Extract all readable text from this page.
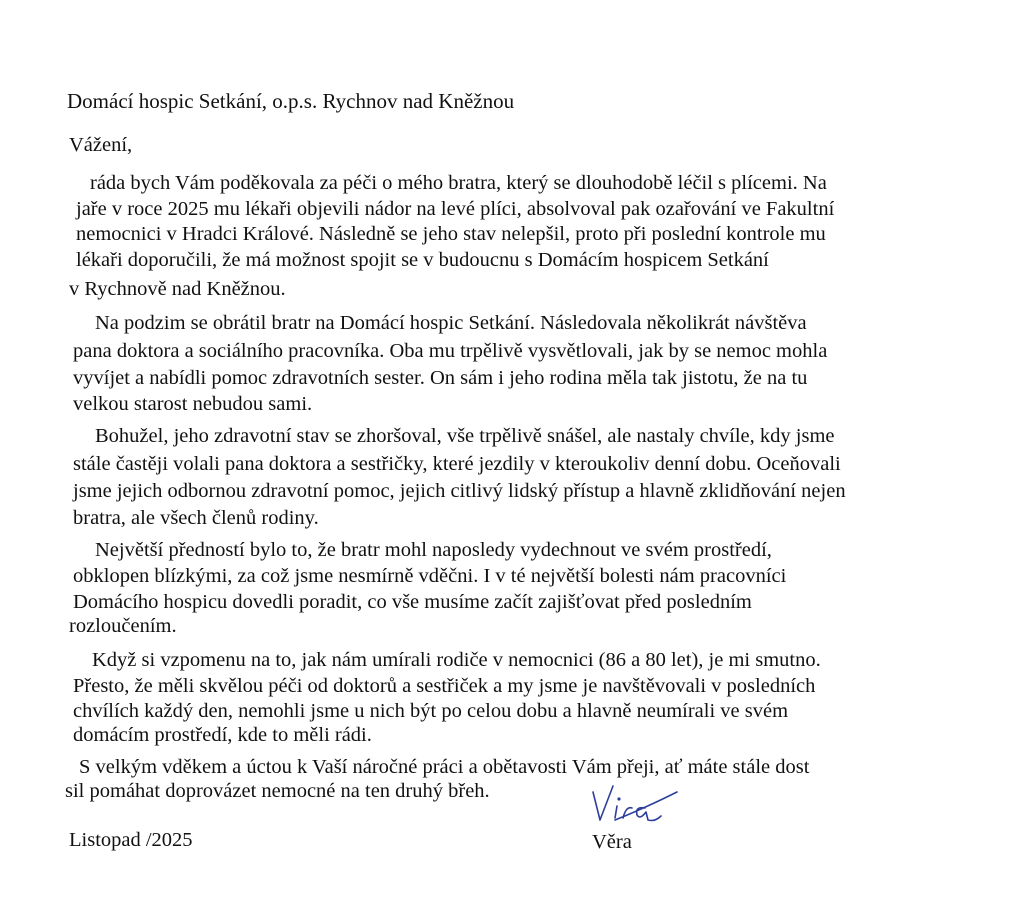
Domácí hospic Setkání, o.p.s. Rychnov nad Kněžnou
Vážení,
ráda bych Vám poděkovala za péči o mého bratra, který se dlouhodobě léčil s plícemi. Na
jaře v roce 2025 mu lékaři objevili nádor na levé plíci, absolvoval pak ozařování ve Fakultní
nemocnici v Hradci Králové. Následně se jeho stav nelepšil, proto při poslední kontrole mu
lékaři doporučili, že má možnost spojit se v budoucnu s Domácím hospicem Setkání
v Rychnově nad Kněžnou.
Na podzim se obrátil bratr na Domácí hospic Setkání. Následovala několikrát návštěva
pana doktora a sociálního pracovníka. Oba mu trpělivě vysvětlovali, jak by se nemoc mohla
vyvíjet a nabídli pomoc zdravotních sester. On sám i jeho rodina měla tak jistotu, že na tu
velkou starost nebudou sami.
Bohužel, jeho zdravotní stav se zhoršoval, vše trpělivě snášel, ale nastaly chvíle, kdy jsme
stále častěji volali pana doktora a sestřičky, které jezdily v kteroukoliv denní dobu. Oceňovali
jsme jejich odbornou zdravotní pomoc, jejich citlivý lidský přístup a hlavně zklidňování nejen
bratra, ale všech členů rodiny.
Největší předností bylo to, že bratr mohl naposledy vydechnout ve svém prostředí,
obklopen blízkými, za což jsme nesmírně vděčni. I v té největší bolesti nám pracovníci
Domácího hospicu dovedli poradit, co vše musíme začít zajišťovat před posledním
rozloučením.
Když si vzpomenu na to, jak nám umírali rodiče v nemocnici (86 a 80 let), je mi smutno.
Přesto, že měli skvělou péči od doktorů a sestřiček a my jsme je navštěvovali v posledních
chvílích každý den, nemohli jsme u nich být po celou dobu a hlavně neumírali ve svém
domácím prostředí, kde to měli rádi.
S velkým vděkem a úctou k Vaší náročné práci a obětavosti Vám přeji, ať máte stále dost
sil pomáhat doprovázet nemocné na ten druhý břeh.
Věra
Listopad /2025
